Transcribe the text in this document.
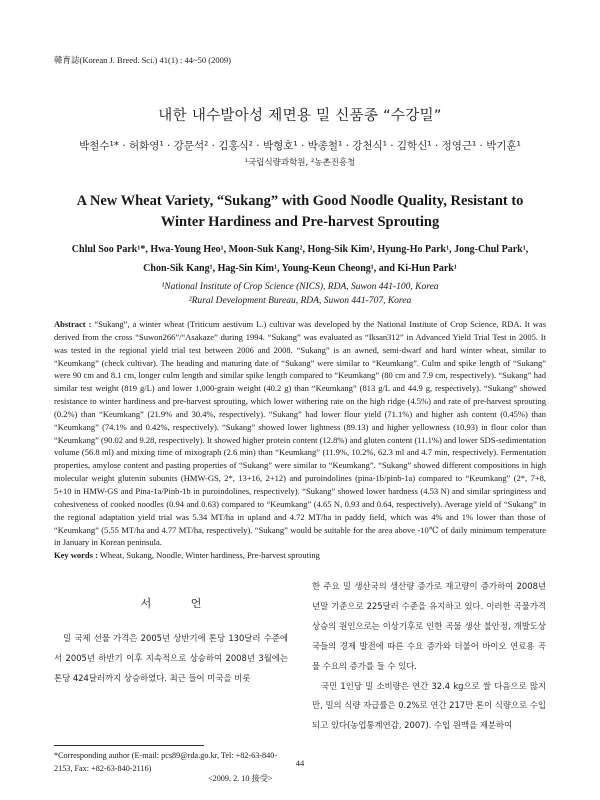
韓育誌(Korean J. Breed. Sci.) 41(1) : 44~50 (2009)
내한 내수발아성 제면용 밀 신품종 “수강밀”
박철수¹* · 허화영¹ · 강문석² · 김홍식² · 박형호¹ · 박종철¹ · 강천식¹ · 김학신¹ · 정영근¹ · 박기훈¹
¹국립식량과학원, ²농촌진흥청
A New Wheat Variety, “Sukang” with Good Noodle Quality, Resistant to
Winter Hardiness and Pre-harvest Sprouting
Chlul Soo Park¹*, Hwa-Young Heo¹, Moon-Suk Kang², Hong-Sik Kim², Hyung-Ho Park¹, Jong-Chul Park¹,
Chon-Sik Kang¹, Hag-Sin Kim¹, Young-Keun Cheong¹, and Ki-Hun Park¹
¹National Institute of Crop Science (NICS), RDA, Suwon 441-100, Korea
²Rural Development Bureau, RDA, Suwon 441-707, Korea
Abstract : “Sukang”, a winter wheat (Triticum aestivum L.) cultivar was developed by the National Institute of Crop Science, RDA. It was derived from the cross “Suwon266”/“Asakaze” during 1994. “Sukang” was evaluated as “Iksan312” in Advanced Yield Trial Test in 2005. It was tested in the regional yield trial test between 2006 and 2008. “Sukang” is an awned, semi-dwarf and hard winter wheat, similar to “Keumkang” (check cultivar). The heading and maturing date of “Sukang” were similar to “Keumkang”. Culm and spike length of “Sukang” were 90 cm and 8.1 cm, longer culm length and similar spike length compared to “Keumkang” (80 cm and 7.9 cm, respectively). “Sukang” had similar test weight (819 g/L) and lower 1,000-grain weight (40.2 g) than “Keumkang” (813 g/L and 44.9 g, respectively). “Sukang” showed resistance to winter hardiness and pre-harvest sprouting, which lower withering rate on the high ridge (4.5%) and rate of pre-harvest sprouting (0.2%) than “Keumkang” (21.9% and 30.4%, respectively). “Sukang” had lower flour yield (71.1%) and higher ash content (0.45%) than “Keumkang” (74.1% and 0.42%, respectively). “Sukang” showed lower lightness (89.13) and higher yellowness (10.93) in flour color than “Keumkang” (90.02 and 9.28, respectively). It showed higher protein content (12.8%) and gluten content (11.1%) and lower SDS-sedimentation volume (56.8 ml) and mixing time of mixograph (2.6 min) than “Keumkang” (11.9%, 10.2%, 62.3 ml and 4.7 min, respectively). Fermentation properties, amylose content and pasting properties of “Sukang” were similar to “Keumkang”. “Sukang” showed different compositions in high molecular weight glutenin subunits (HMW-GS, 2*, 13+16, 2+12) and puroindolines (pina-1b/pinb-1a) compared to “Keumkang” (2*, 7+8, 5+10 in HMW-GS and Pina-1a/Pinb-1b in puroindolines, respectively). “Sukang” showed lower hardness (4.53 N) and similar springiness and cohesiveness of cooked noodles (0.94 and 0.63) compared to “Keumkang” (4.65 N, 0.93 and 0.64, respectively). Average yield of “Sukang” in the regional adaptation yield trial was 5.34 MT/ha in upland and 4.72 MT/ha in paddy field, which was 4% and 1% lower than those of “Keumkang” (5.55 MT/ha and 4.77 MT/ha, respectively). “Sukang” would be suitable for the area above -10℃ of daily minimum temperature in January in Korean peninsula.
Key words : Wheat, Sukang, Noodle, Winter hardiness, Pre-harvest sprouting
서 언

밀 국제 선물 가격은 2005년 상반기에 톤당 130달러 수준에서 2005년 하반기 이후 지속적으로 상승하여 2008년 3월에는 톤당 424달러까지 상승하였다. 최근 들어 미국을 비롯

한 주요 밀 생산국의 생산량 증가로 재고량이 증가하여 2008년 년말 기준으로 225달러 수준을 유지하고 있다. 이러한 곡물가격 상승의 원인으로는 이상기후로 인한 곡물 생산 불안정, 개발도상국들의 경제 발전에 따른 수요 증가와 더불어 바이오 연료용 곡물 수요의 증가를 들 수 있다.

국민 1인당 밀 소비량은 연간 32.4 kg으로 쌀 다음으로 많지만, 밀의 식량 자급률은 0.2%로 연간 217만 톤이 식량으로 수입되고 있다(농업통계연감, 2007). 수입 원맥을 제분하여

*Corresponding author (E-mail: pcs89@rda.go.kr, Tel: +82-63-840-2153, Fax: +82-63-840-2116)
<2009. 2. 10 接受>
44
